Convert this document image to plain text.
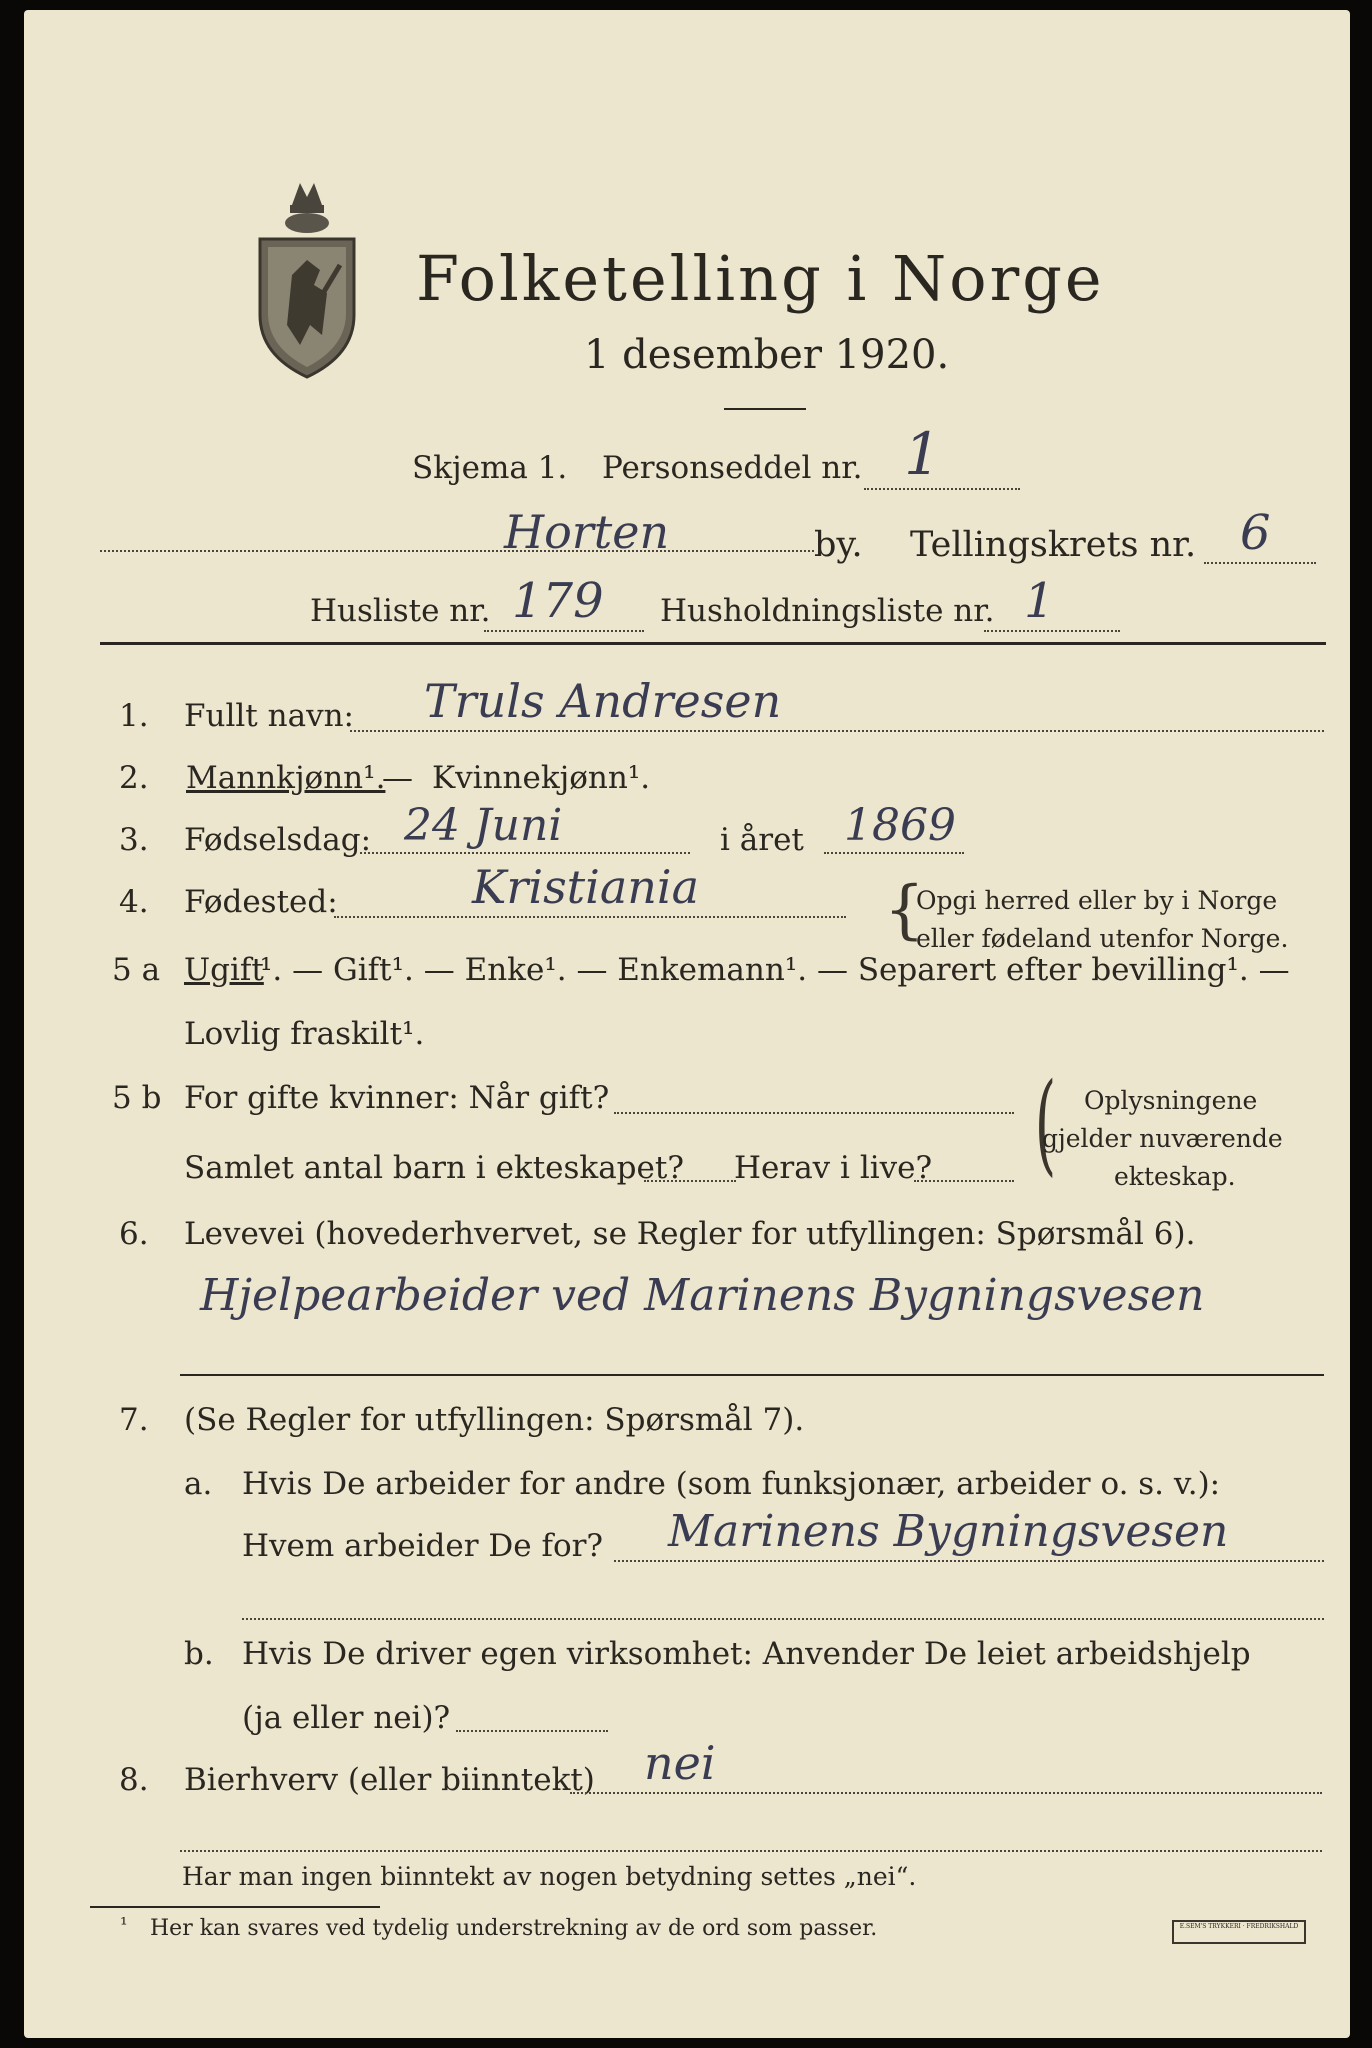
Folketelling i Norge
1 desember 1920.
Skjema 1. Personseddel nr. 1
Horten	by. Tellingskrets nr. 6
Husliste nr. 179 Husholdningsliste nr. 1
1. Fullt navn: Truls Andresen
2. Mannkjønn¹.
— Kvinnekjønn¹.
3. Fødselsdag: 24 Juni	i året 1869
4. Fødested:	Kristiania	{
Opgi herred eller by i Norge
eller fødeland utenfor Norge.
5 a Ugift
¹. — Gift¹. — Enke¹. — Enkemann¹. — Separert efter bevilling¹. —
Lovlig fraskilt¹.
5 b For gifte kvinner: Når gift?
Samlet antal barn i ekteskapet? Herav i live? ( Oplysningene
gjelder nuværende
ekteskap.
6. Levevei (hovederhvervet, se Regler for utfyllingen: Spørsmål 6).
Hjelpearbeider ved Marinens Bygningsvesen
7. (Se Regler for utfyllingen: Spørsmål 7).
a. Hvis De arbeider for andre (som funksjonær, arbeider o. s. v.):
Hvem arbeider De for? Marinens Bygningsvesen
b. Hvis De driver egen virksomhet: Anvender De leiet arbeidshjelp
(ja eller nei)?
8. Bierhverv (eller biinntekt) nei
Har man ingen biinntekt av nogen betydning settes „nei“.
¹ Her kan svares ved tydelig understrekning av de ord som passer.	E.SEM'S TRYKKERI · FREDRIKSHALD
